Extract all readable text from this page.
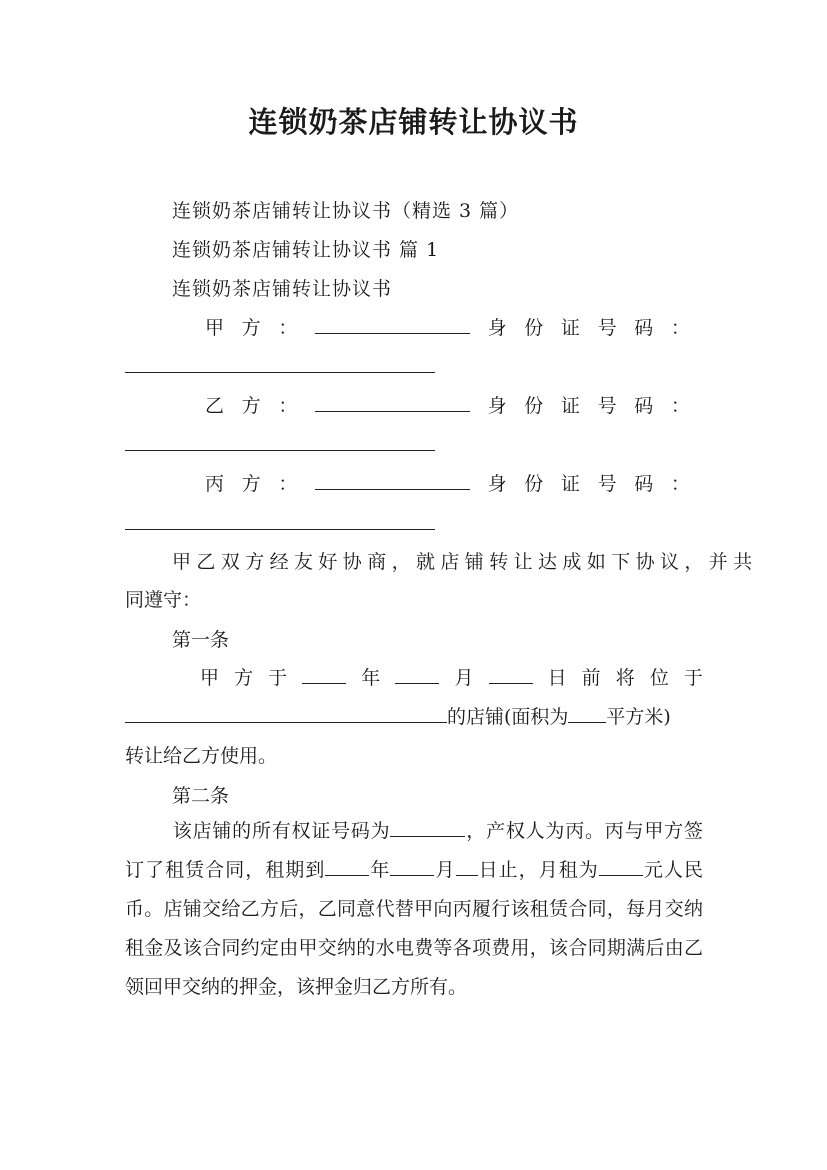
连锁奶茶店铺转让协议书
连锁奶茶店铺转让协议书（精选 3 篇）
连锁奶茶店铺转让协议书 篇 1
连锁奶茶店铺转让协议书
甲 方 ：	身 份 证 号 码 ：
乙 方 ：	身 份 证 号 码 ：
丙 方 ：	身 份 证 号 码 ：
甲乙双方经友好协商，就店铺转让达成如下协议，并共
同遵守：
第一条
甲 方 于	年	月	日 前 将 位 于
的店铺(面积为 平方米)
转让给乙方使用。
第二条
该店铺的所有权证号码为	，产权人为丙。丙与甲方签订了租赁合同，租期到 年 月 日止，月租为 元人民币。店铺交给乙方后，乙同意代替甲向丙履行该租赁合同，每月交纳租金及该合同约定由甲交纳的水电费等各项费用，该合同期满后由乙领回甲交纳的押金，该押金归乙方所有。
